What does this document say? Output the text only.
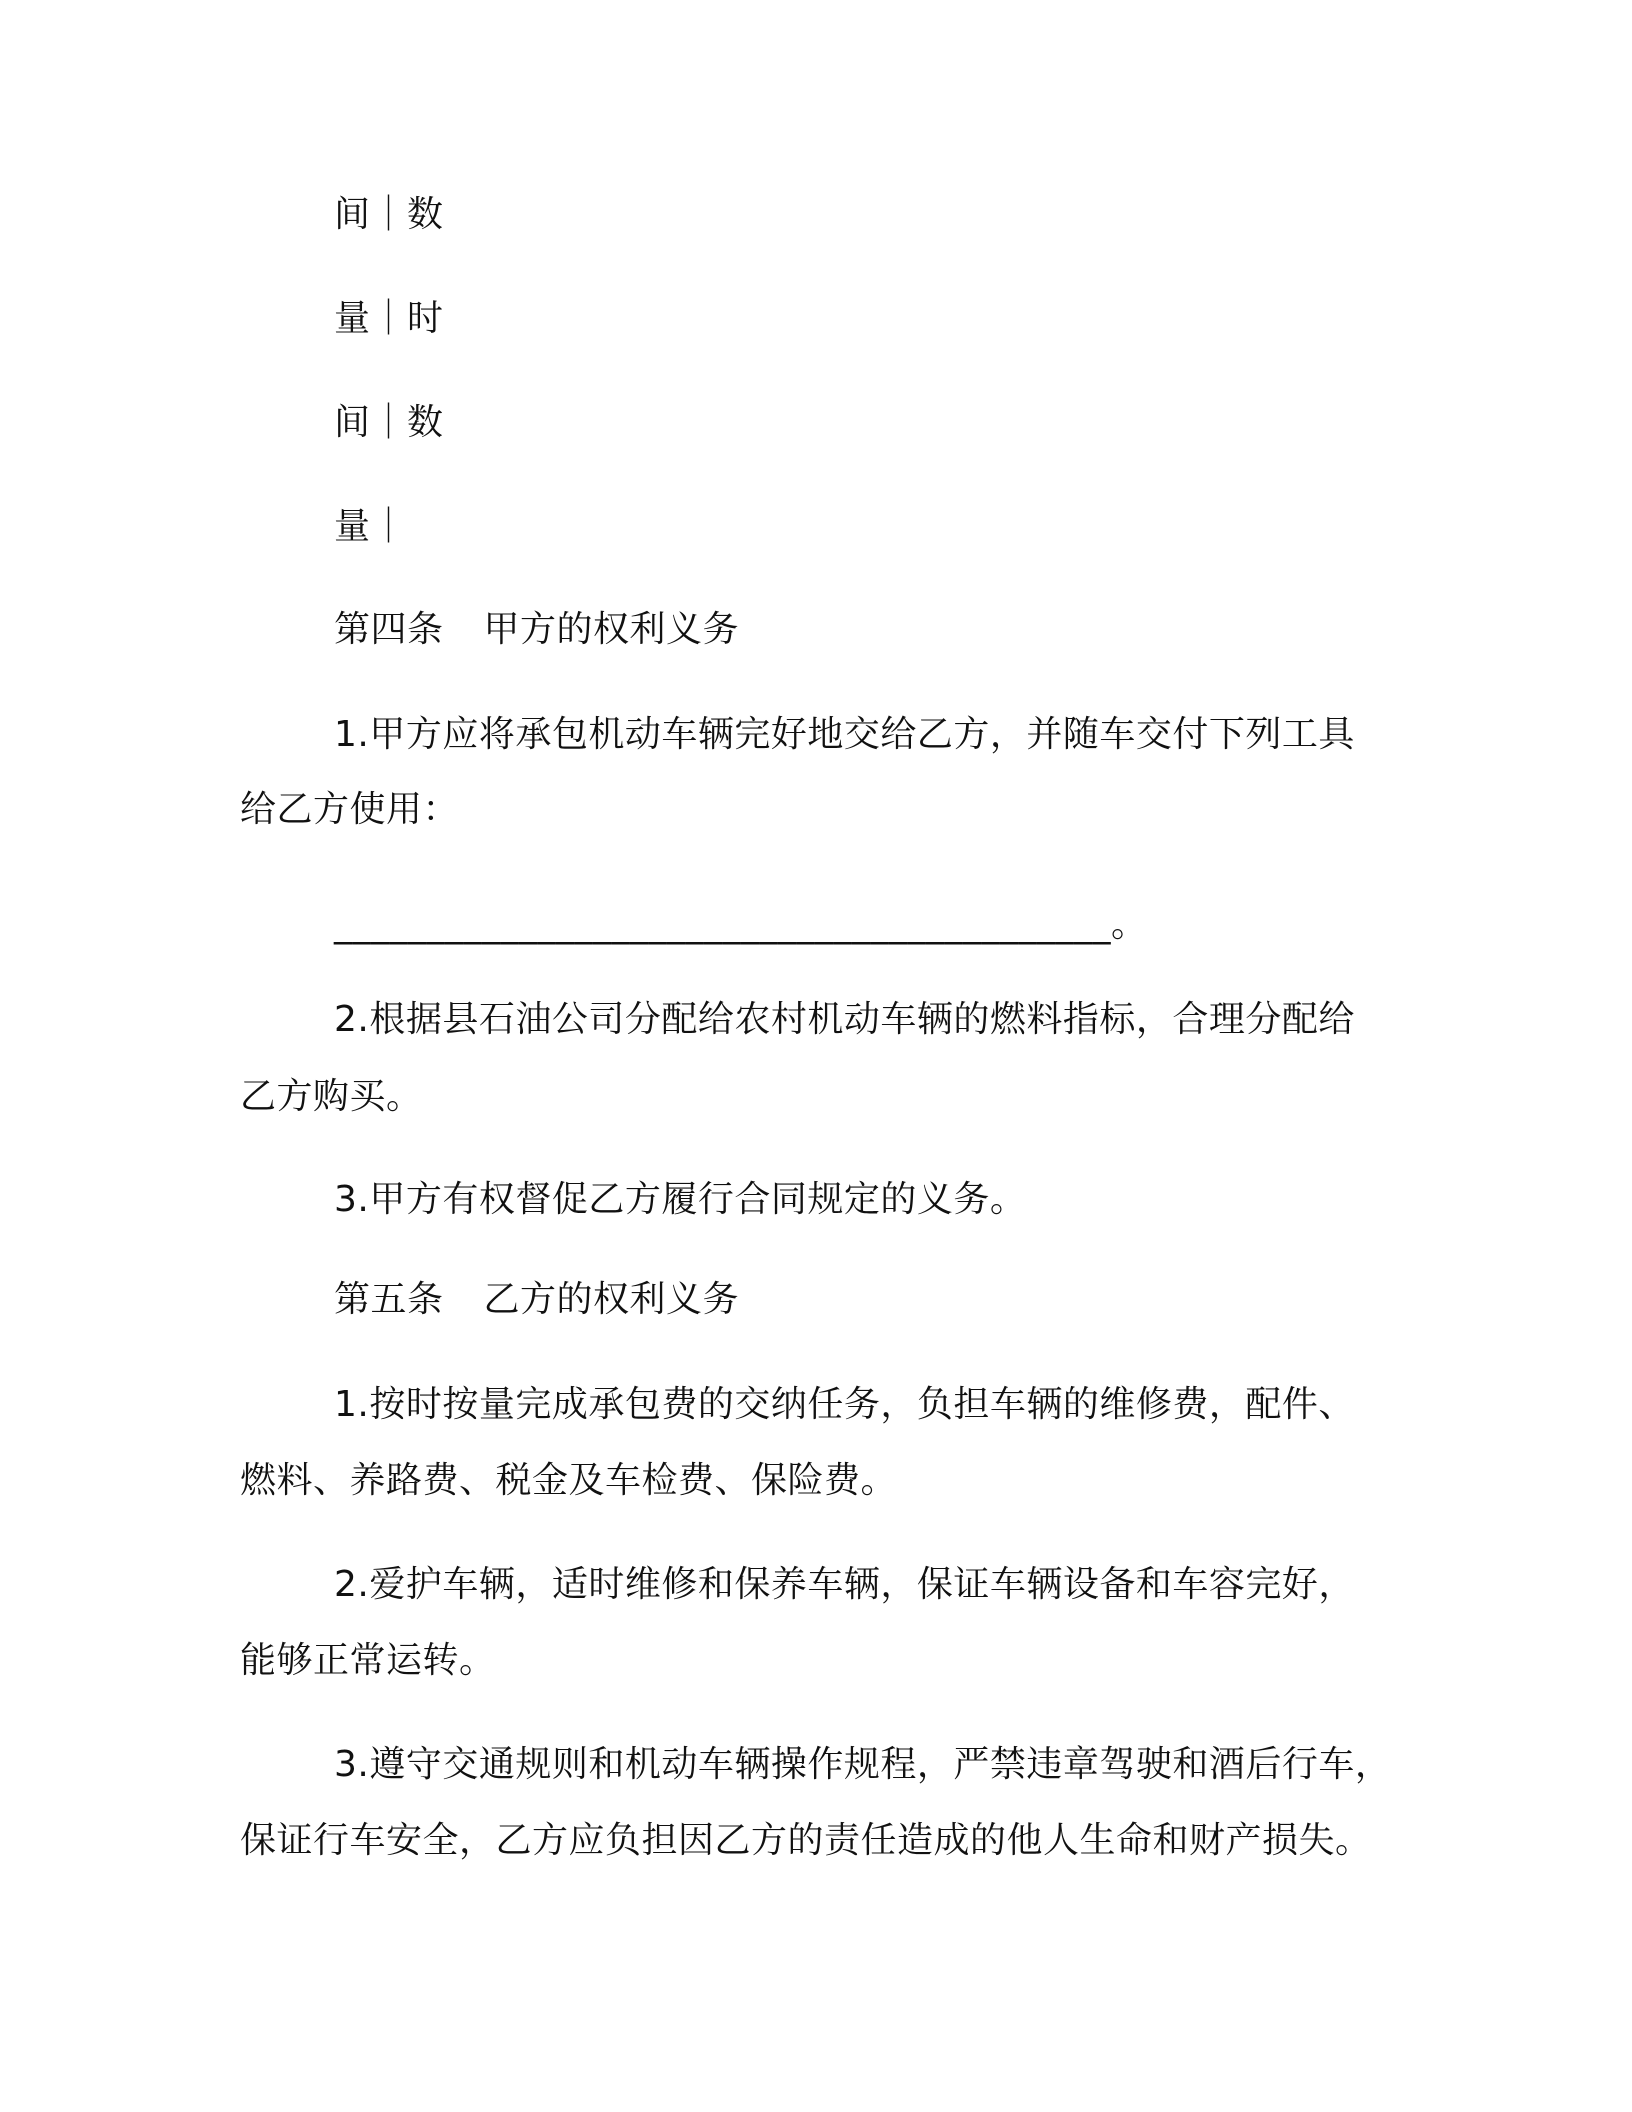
间｜数
量｜时
间｜数
量｜
第四条 甲方的权利义务
1.甲方应将承包机动车辆完好地交给乙方，并随车交付下列工具
给乙方使用：
__________________________________________。
2.根据县石油公司分配给农村机动车辆的燃料指标，合理分配给
乙方购买。
3.甲方有权督促乙方履行合同规定的义务。
第五条 乙方的权利义务
1.按时按量完成承包费的交纳任务，负担车辆的维修费，配件、
燃料、养路费、税金及车检费、保险费。
2.爱护车辆，适时维修和保养车辆，保证车辆设备和车容完好，
能够正常运转。
3.遵守交通规则和机动车辆操作规程，严禁违章驾驶和酒后行车，
保证行车安全，乙方应负担因乙方的责任造成的他人生命和财产损失。
